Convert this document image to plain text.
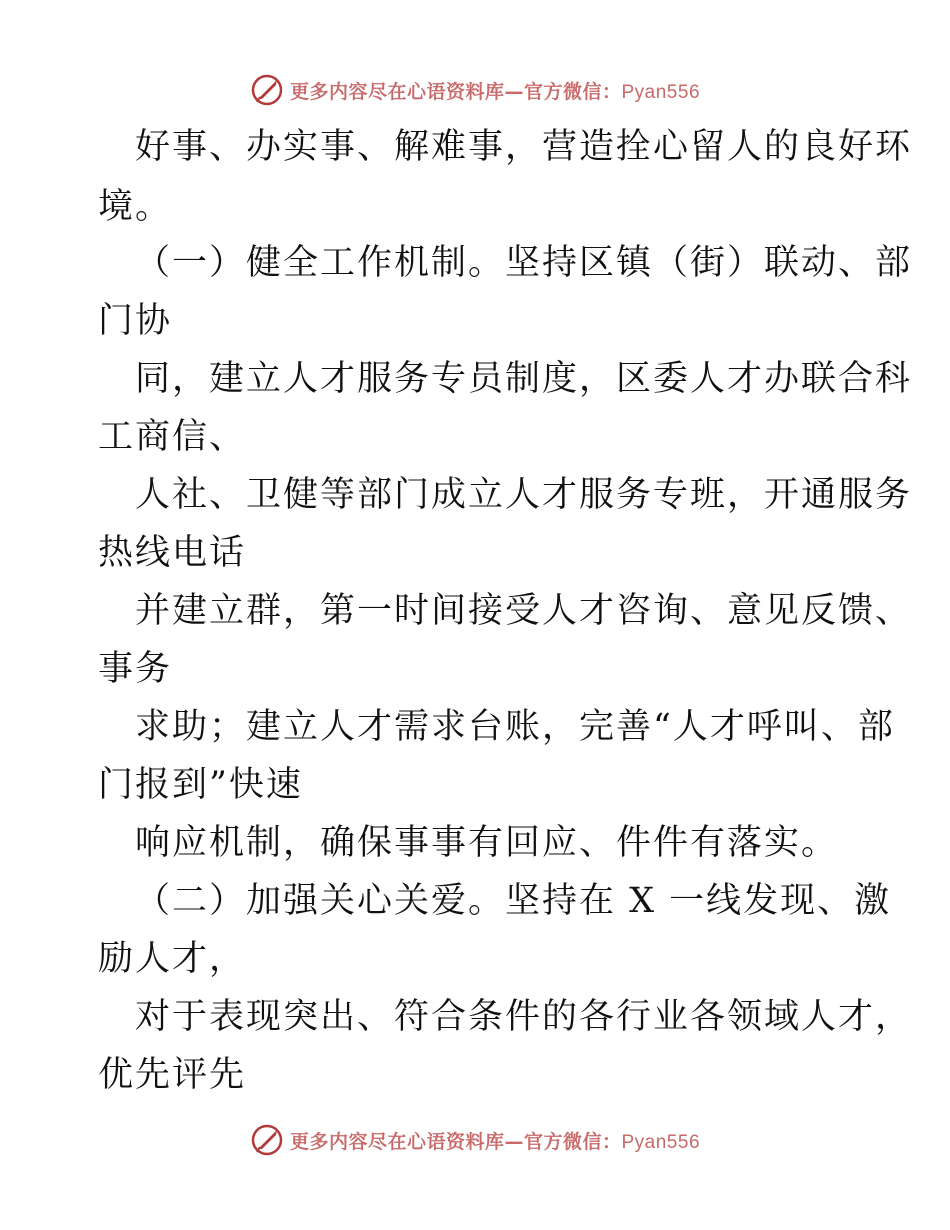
更多内容尽在心语资料库—官方微信：Pyan556
好事、办实事、解难事，营造拴心留人的良好环
境。
（一）健全工作机制。坚持区镇（街）联动、部
门协
同，建立人才服务专员制度，区委人才办联合科
工商信、
人社、卫健等部门成立人才服务专班，开通服务
热线电话
并建立群，第一时间接受人才咨询、意见反馈、
事务
求助；建立人才需求台账，完善“人才呼叫、部
门报到”快速
响应机制，确保事事有回应、件件有落实。
（二）加强关心关爱。坚持在 X 一线发现、激
励人才，
对于表现突出、符合条件的各行业各领域人才，
优先评先
更多内容尽在心语资料库—官方微信：Pyan556
